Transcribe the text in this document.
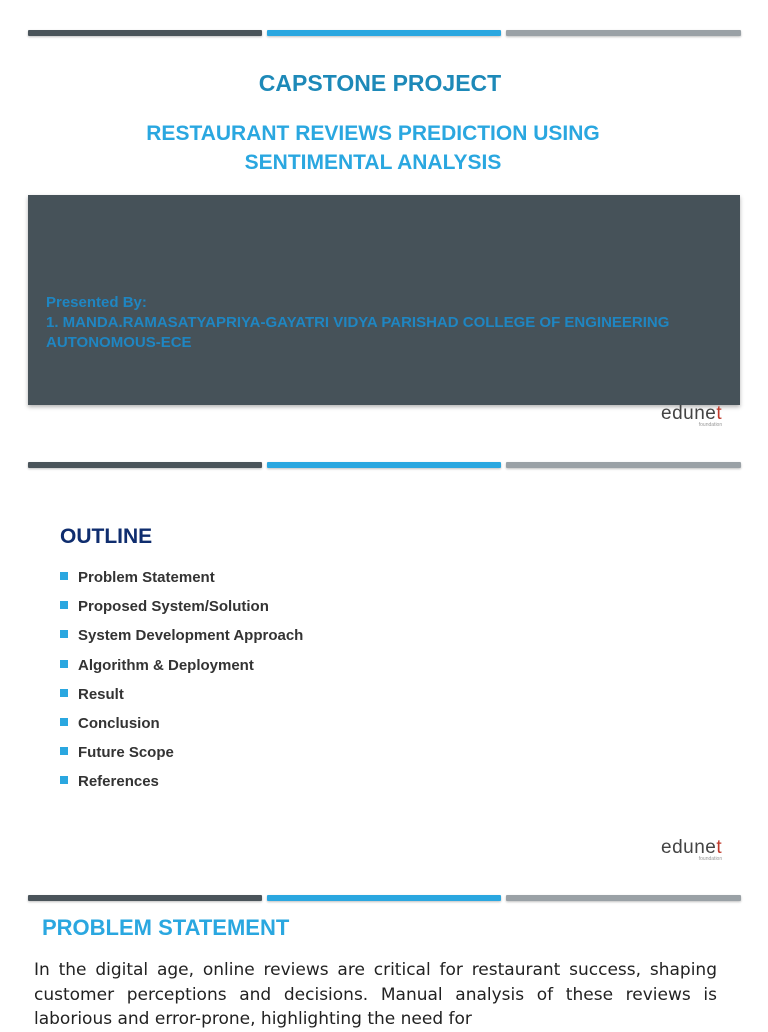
CAPSTONE PROJECT
RESTAURANT REVIEWS PREDICTION USING
SENTIMENTAL ANALYSIS
Presented By:
1. MANDA.RAMASATYAPRIYA-GAYATRI VIDYA PARISHAD COLLEGE OF ENGINEERING
AUTONOMOUS-ECE
edunet
foundation
OUTLINE
Problem Statement
Proposed System/Solution
System Development Approach
Algorithm & Deployment
Result
Conclusion
Future Scope
References
edunet
foundation
PROBLEM STATEMENT

In the digital age, online reviews are critical for restaurant success, shaping customer perceptions and decisions. Manual analysis of these reviews is laborious and error-prone, highlighting the need for
